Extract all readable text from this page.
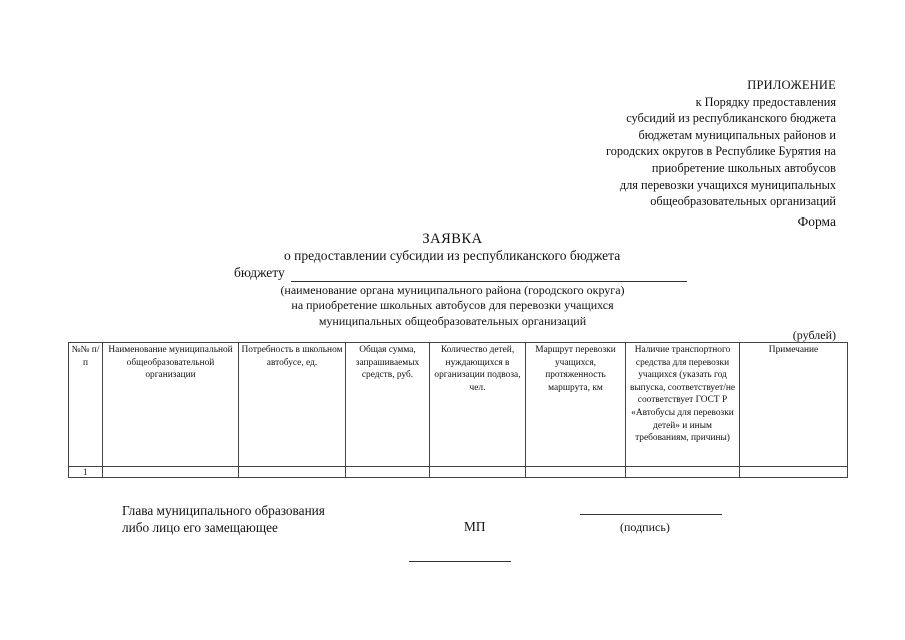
ПРИЛОЖЕНИЕ
к Порядку предоставления
субсидий из республиканского бюджета
бюджетам муниципальных районов и
городских округов в Республике Бурятия на
приобретение школьных автобусов
для перевозки учащихся муниципальных
общеобразовательных организаций
Форма
ЗАЯВКА
о предоставлении субсидии из республиканского бюджета
бюджету
(наименование органа муниципального района (городского округа)
на приобретение школьных автобусов для перевозки учащихся
муниципальных общеобразовательных организаций
(рублей)
№№ п/п	Наименование муниципальной общеобразовательной организации	Потребность в школьном автобусе, ед.	Общая сумма, запрашиваемых средств, руб.	Количество детей, нуждающихся в организации подвоза, чел.	Маршрут перевозки учащихся, протяженность маршрута, км	Наличие транспортного средства для перевозки учащихся (указать год выпуска, соответствует/не соответствует ГОСТ Р «Автобусы для перевозки детей» и иным требованиям, причины)	Примечание
1							
Глава муниципального образования
либо лицо его замещающее	МП	(подпись)
